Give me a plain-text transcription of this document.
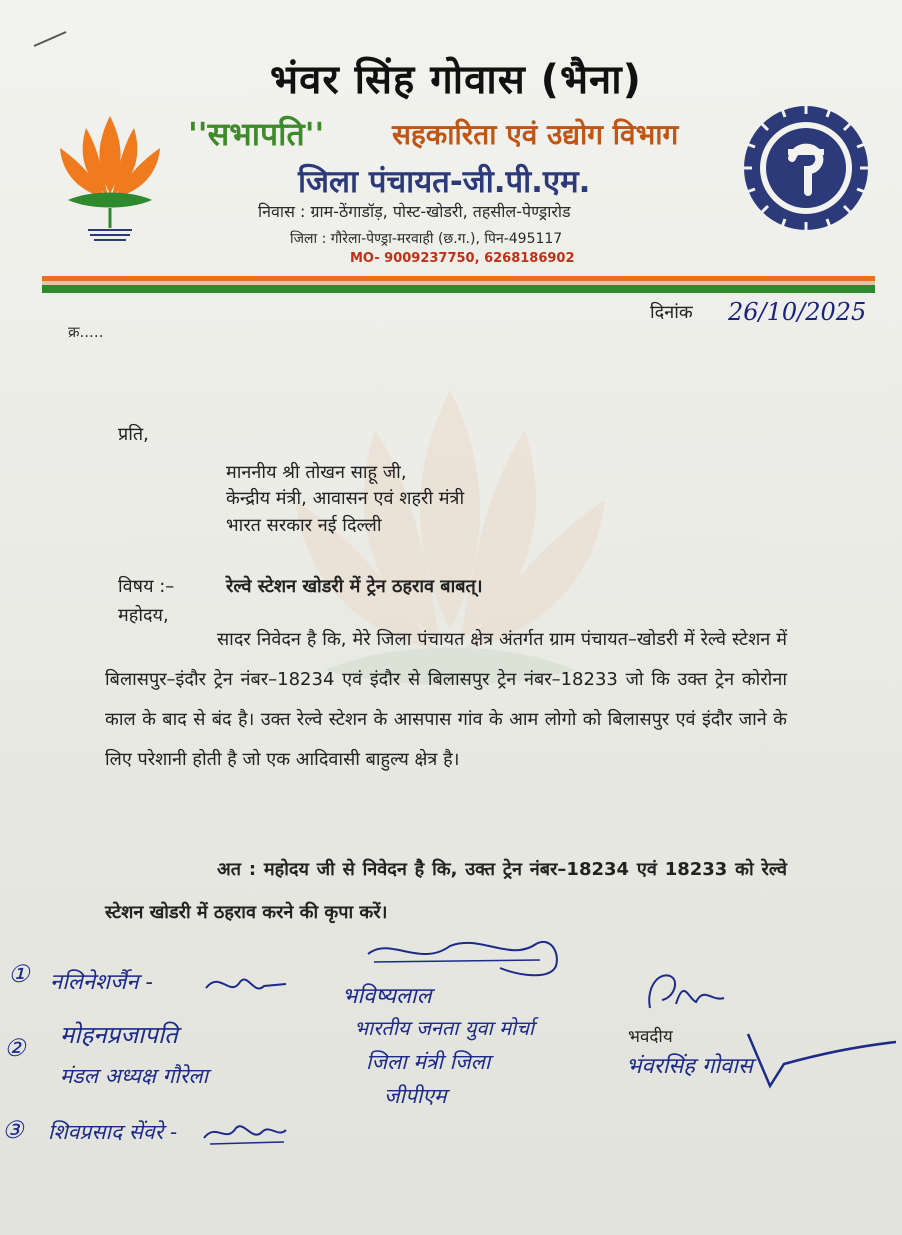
भंवर सिंह गोवास (भैना)
''सभापति'' सहकारिता एवं उद्योग विभाग
जिला पंचायत-जी.पी.एम.
निवास : ग्राम-ठेंगाडॉड़, पोस्ट-खोडरी, तहसील-पेण्ड्रारोड
जिला : गौरेला-पेण्ड्रा-मरवाही (छ.ग.), पिन-495117
MO- 9009237750, 6268186902
क्र.....
दिनांक 26/10/2025
प्रति,
माननीय श्री तोखन साहू जी,
केन्द्रीय मंत्री, आवासन एवं शहरी मंत्री
भारत सरकार नई दिल्ली
विषय :–	रेल्वे स्टेशन खोडरी में ट्रेन ठहराव बाबत्।
महोदय,
सादर निवेदन है कि, मेरे जिला पंचायत क्षेत्र अंतर्गत ग्राम पंचायत–खोडरी में रेल्वे स्टेशन में बिलासपुर–इंदौर ट्रेन नंबर–18234 एवं इंदौर से बिलासपुर ट्रेन नंबर–18233 जो कि उक्त ट्रेन कोरोना काल के बाद से बंद है। उक्त रेल्वे स्टेशन के आसपास गांव के आम लोगो को बिलासपुर एवं इंदौर जाने के लिए परेशानी होती है जो एक आदिवासी बाहुल्य क्षेत्र है।
अत : महोदय जी से निवेदन है कि, उक्त ट्रेन नंबर–18234 एवं 18233 को रेल्वे स्टेशन खोडरी में ठहराव करने की कृपा करें।
भवदीय
① नलिनेशर्जैन -
② मोहनप्रजापति
मंडल अध्यक्ष गौरेला
③ शिवप्रसाद सेंवरे -
भविष्यलाल
भारतीय जनता युवा मोर्चा
जिला मंत्री जिला
जीपीएम
भंवरसिंह गोवास
